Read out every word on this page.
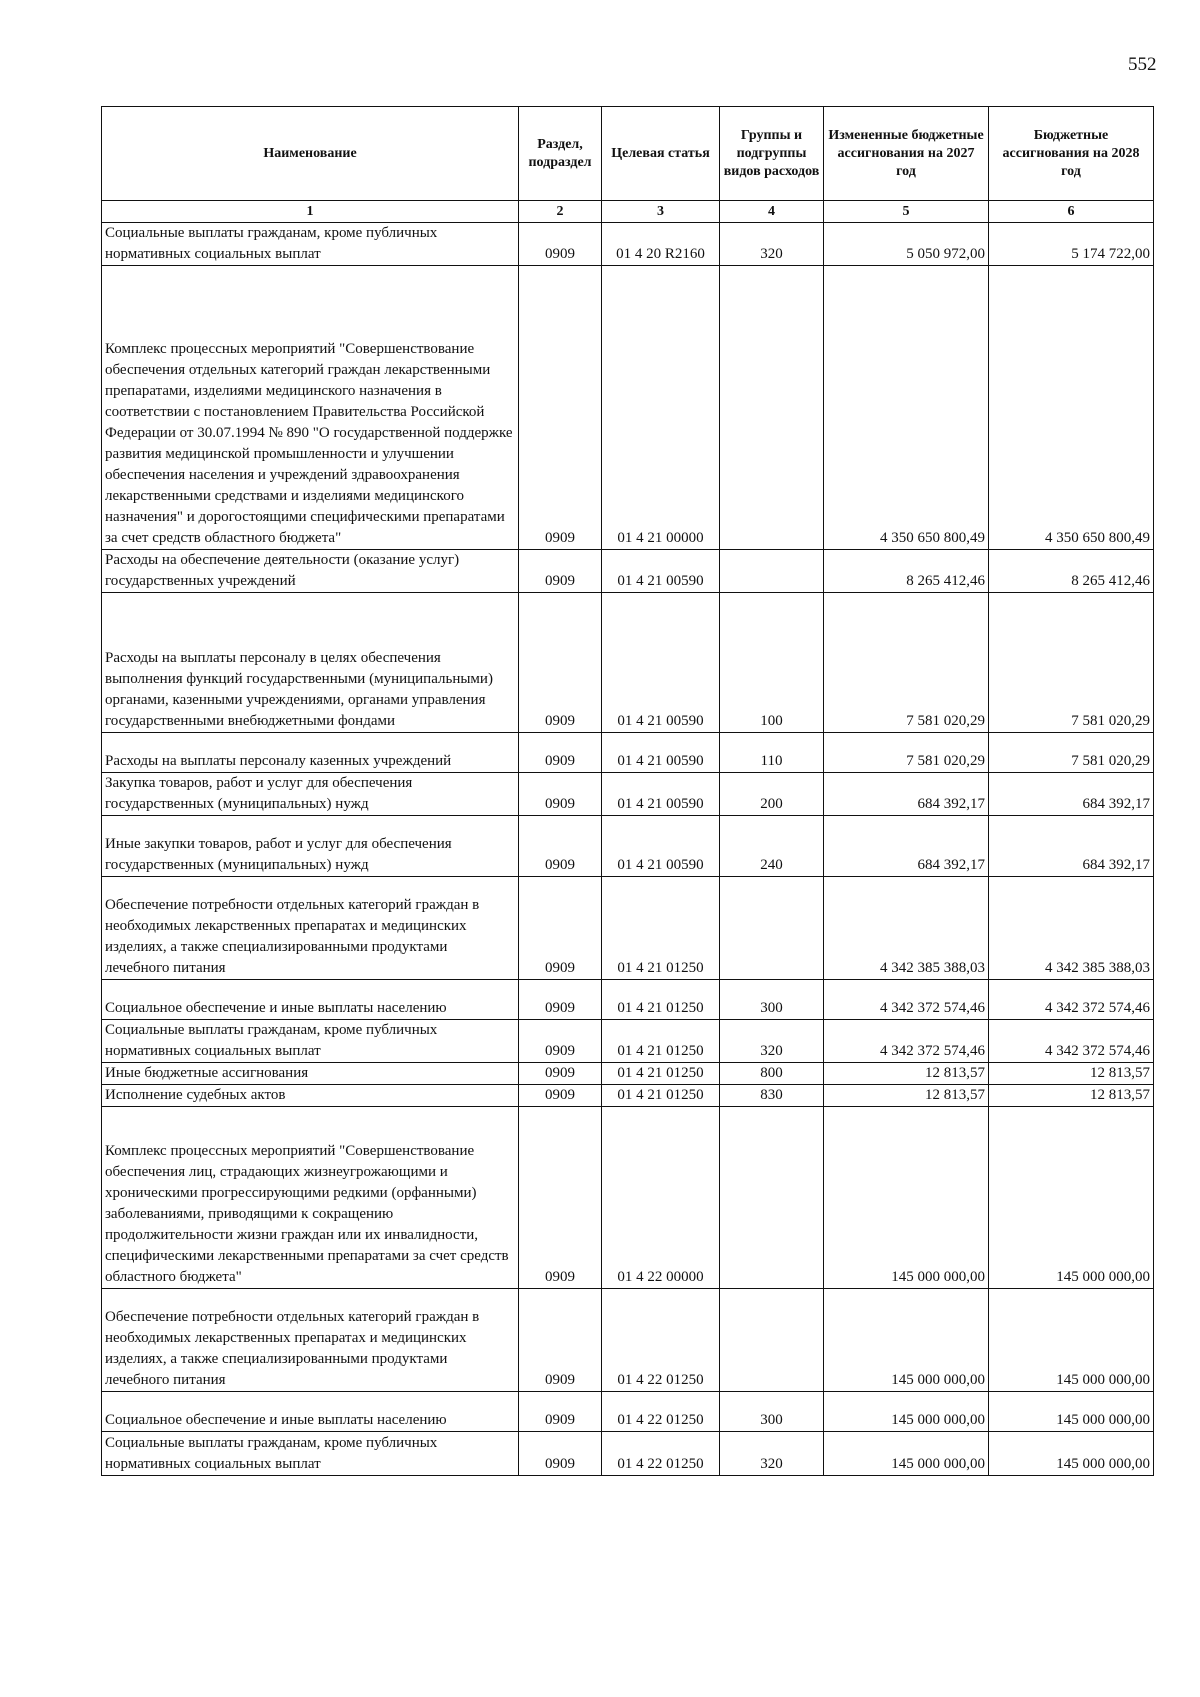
552
Наименование	Раздел, подраздел	Целевая статья	Группы и подгруппы видов расходов	Измененные бюджетные ассигнования на 2027 год	Бюджетные ассигнования на 2028 год
1	2	3	4	5	6
Социальные выплаты гражданам, кроме публичных нормативных социальных выплат	0909	01 4 20 R2160	320	5 050 972,00	5 174 722,00
Комплекс процессных мероприятий "Совершенствование обеспечения отдельных категорий граждан лекарственными препаратами, изделиями медицинского назначения в соответствии с постановлением Правительства Российской Федерации от 30.07.1994 № 890 "О государственной поддержке развития медицинской промышленности и улучшении обеспечения населения и учреждений здравоохранения лекарственными средствами и изделиями медицинского назначения" и дорогостоящими специфическими препаратами за счет средств областного бюджета"	0909	01 4 21 00000		4 350 650 800,49	4 350 650 800,49
Расходы на обеспечение деятельности (оказание услуг) государственных учреждений	0909	01 4 21 00590		8 265 412,46	8 265 412,46
Расходы на выплаты персоналу в целях обеспечения выполнения функций государственными (муниципальными) органами, казенными учреждениями, органами управления государственными внебюджетными фондами	0909	01 4 21 00590	100	7 581 020,29	7 581 020,29
Расходы на выплаты персоналу казенных учреждений	0909	01 4 21 00590	110	7 581 020,29	7 581 020,29
Закупка товаров, работ и услуг для обеспечения государственных (муниципальных) нужд	0909	01 4 21 00590	200	684 392,17	684 392,17
Иные закупки товаров, работ и услуг для обеспечения государственных (муниципальных) нужд	0909	01 4 21 00590	240	684 392,17	684 392,17
Обеспечение потребности отдельных категорий граждан в необходимых лекарственных препаратах и медицинских изделиях, а также специализированными продуктами лечебного питания	0909	01 4 21 01250		4 342 385 388,03	4 342 385 388,03
Социальное обеспечение и иные выплаты населению	0909	01 4 21 01250	300	4 342 372 574,46	4 342 372 574,46
Социальные выплаты гражданам, кроме публичных нормативных социальных выплат	0909	01 4 21 01250	320	4 342 372 574,46	4 342 372 574,46
Иные бюджетные ассигнования	0909	01 4 21 01250	800	12 813,57	12 813,57
Исполнение судебных актов	0909	01 4 21 01250	830	12 813,57	12 813,57
Комплекс процессных мероприятий "Совершенствование обеспечения лиц, страдающих жизнеугрожающими и хроническими прогрессирующими редкими (орфанными) заболеваниями, приводящими к сокращению продолжительности жизни граждан или их инвалидности, специфическими лекарственными препаратами за счет средств областного бюджета"	0909	01 4 22 00000		145 000 000,00	145 000 000,00
Обеспечение потребности отдельных категорий граждан в необходимых лекарственных препаратах и медицинских изделиях, а также специализированными продуктами лечебного питания	0909	01 4 22 01250		145 000 000,00	145 000 000,00
Социальное обеспечение и иные выплаты населению	0909	01 4 22 01250	300	145 000 000,00	145 000 000,00
Социальные выплаты гражданам, кроме публичных нормативных социальных выплат	0909	01 4 22 01250	320	145 000 000,00	145 000 000,00
